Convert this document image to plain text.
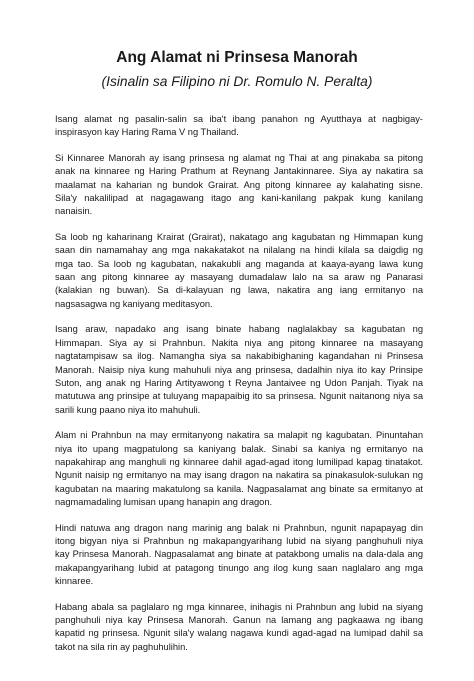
Ang Alamat ni Prinsesa Manorah
(Isinalin sa Filipino ni Dr. Romulo N. Peralta)
Isang alamat ng pasalin-salin sa iba't ibang panahon ng Ayutthaya at nagbigay-
inspirasyon kay Haring Rama V ng Thailand.
Si Kinnaree Manorah ay isang prinsesa ng alamat ng Thai at ang pinakaba sa pitong
anak na kinnaree ng Haring Prathum at Reynang Jantakinnaree. Siya ay nakatira sa
maalamat na kaharian ng bundok Grairat. Ang pitong kinnaree ay kalahating sisne.
Sila'y nakalilipad at nagagawang itago ang kani-kanilang pakpak kung kanilang
nanaisin.
Sa loob ng kaharinang Krairat (Grairat), nakatago ang kagubatan ng Himmapan kung
saan din namamahay ang mga nakakatakot na nilalang na hindi kilala sa daigdig ng
mga tao. Sa loob ng kagubatan, nakakubli ang maganda at kaaya-ayang lawa kung
saan ang pitong kinnaree ay masayang dumadalaw lalo na sa araw ng Panarasi
(kalakian ng buwan). Sa di-kalayuan ng lawa, nakatira ang iang ermitanyo na
nagsasagwa ng kaniyang meditasyon.
Isang araw, napadako ang isang binate habang naglalakbay sa kagubatan ng
Himmapan. Siya ay si Prahnbun. Nakita niya ang pitong kinnaree na masayang
nagtatampisaw sa ilog. Namangha siya sa nakabibighaning kagandahan ni Prinsesa
Manorah. Naisip niya kung mahuhuli niya ang prinsesa, dadalhin niya ito kay Prinsipe
Suton, ang anak ng Haring Artityawong t Reyna Jantaivee ng Udon Panjah. Tiyak na
matutuwa ang prinsipe at tuluyang mapapaibig ito sa prinsesa. Ngunit naitanong niya sa
sarili kung paano niya ito mahuhuli.
Alam ni Prahnbun na may ermitanyong nakatira sa malapit ng kagubatan. Pinuntahan
niya ito upang magpatulong sa kaniyang balak. Sinabi sa kaniya ng ermitanyo na
napakahirap ang manghuli ng kinnaree dahil agad-agad itong lumilipad kapag tinatakot.
Ngunit naisip ng ermitanyo na may isang dragon na nakatira sa pinakasulok-sulukan ng
kagubatan na maaring makatulong sa kanila. Nagpasalamat ang binate sa ermitanyo at
nagmamadaling lumisan upang hanapin ang dragon.
Hindi natuwa ang dragon nang marinig ang balak ni Prahnbun, ngunit napapayag din
itong bigyan niya si Prahnbun ng makapangyarihang lubid na siyang panghuhuli niya
kay Prinsesa Manorah. Nagpasalamat ang binate at patakbong umalis na dala-dala ang
makapangyarihang lubid at patagong tinungo ang ilog kung saan naglalaro ang mga
kinnaree.
Habang abala sa paglalaro ng mga kinnaree, inihagis ni Prahnbun ang lubid na siyang
panghuhuli niya kay Prinsesa Manorah. Ganun na lamang ang pagkaawa ng ibang
kapatid ng prinsesa. Ngunit sila'y walang nagawa kundi agad-agad na lumipad dahil sa
takot na sila rin ay paghuhulihin.
